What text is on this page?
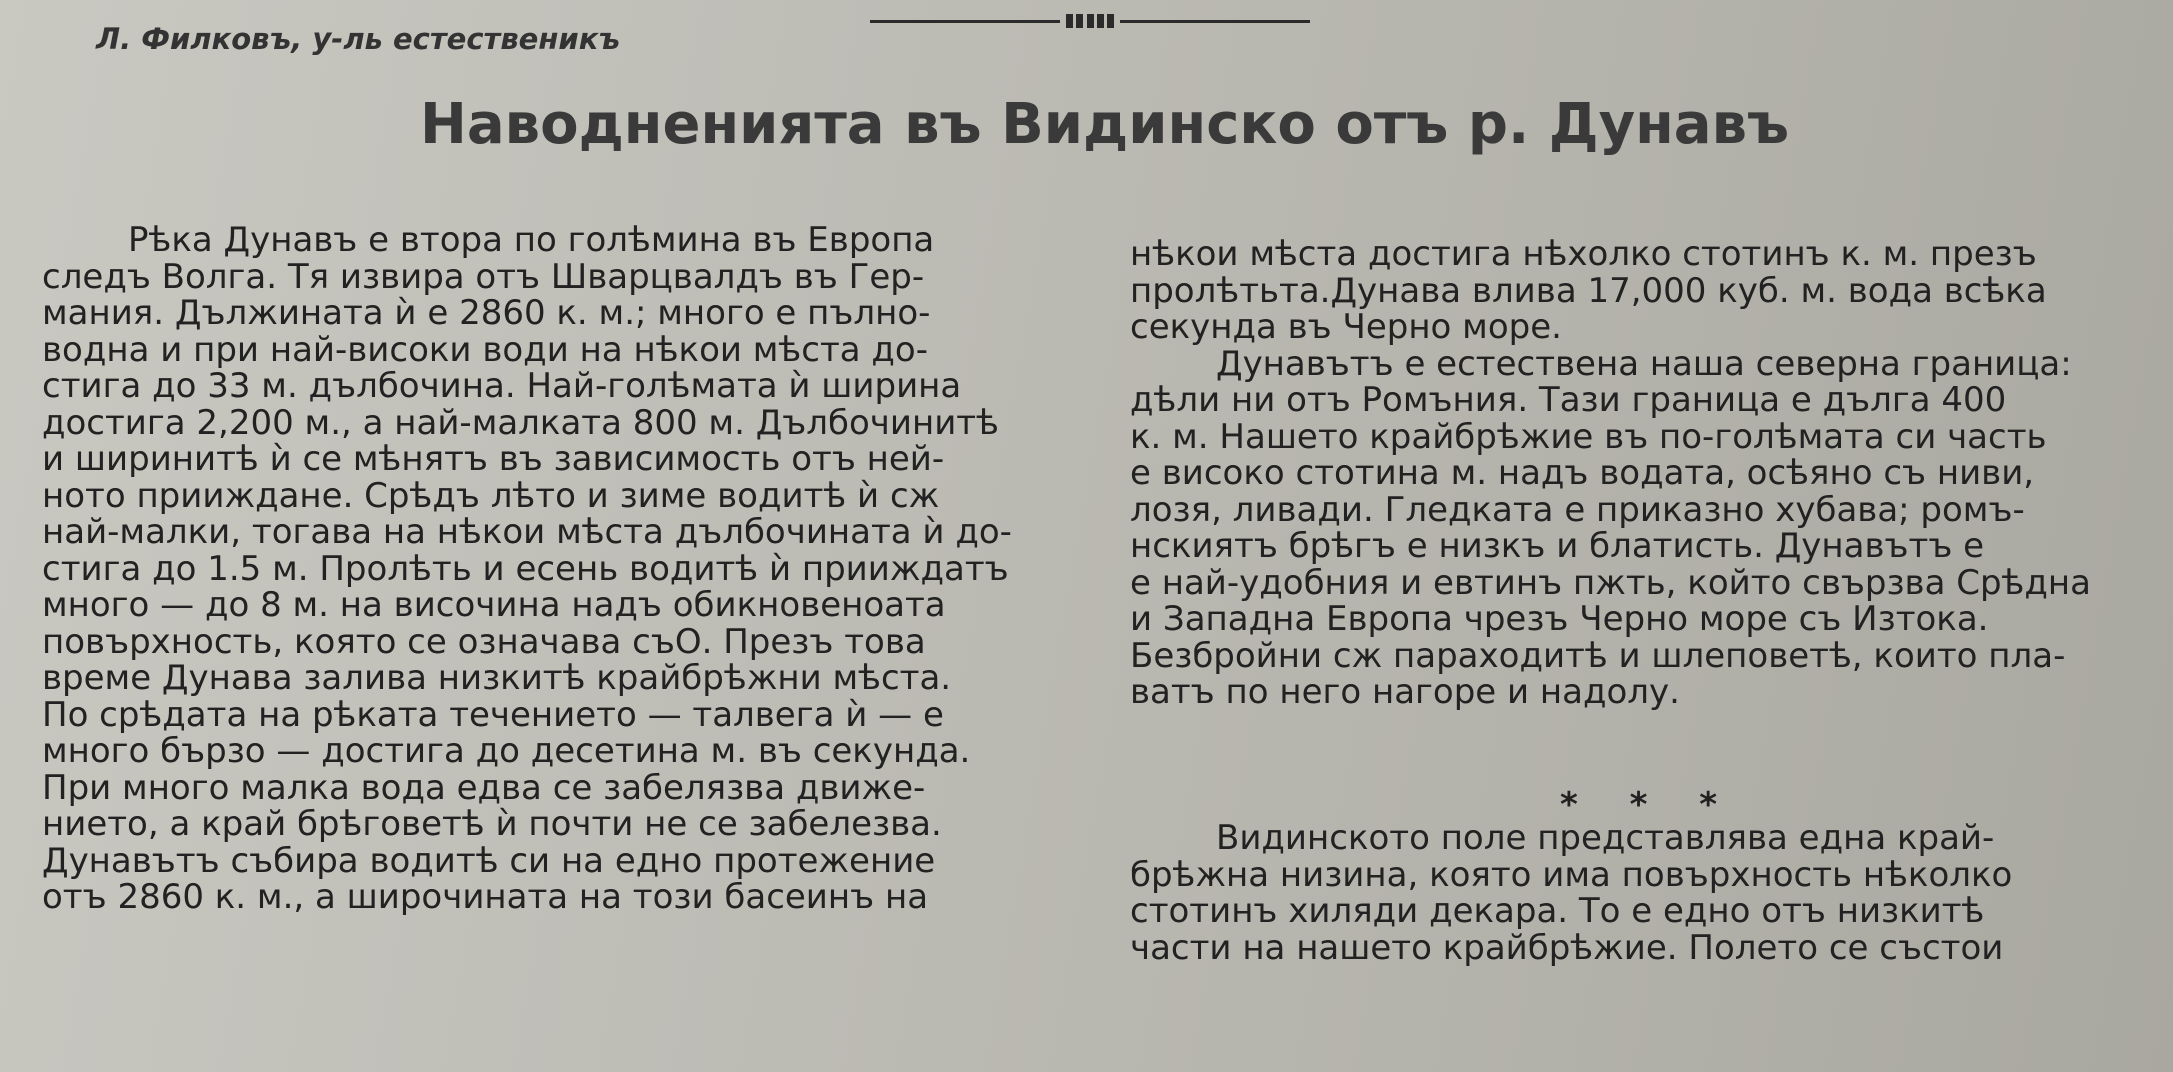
Л. Филковъ, у-ль естественикъ
Наводненията въ Видинско отъ р. Дунавъ
Рѣка Дунавъ е втора по голѣмина въ Европа
следъ Волга. Тя извира отъ Шварцвалдъ въ Гер-
мания. Дължината ѝ е 2860 к. м.; много е пълно-
водна и при най-високи води на нѣкои мѣста до-
стига до 33 м. дълбочина. Най-голѣмата ѝ ширина
достига 2,200 м., а най-малката 800 м. Дълбочинитѣ
и ширинитѣ ѝ се мѣнятъ въ зависимость отъ ней-
ното прииждане. Срѣдъ лѣто и зиме водитѣ ѝ сж
най-малки, тогава на нѣкои мѣста дълбочината ѝ до-
стига до 1.5 м. Пролѣть и есень водитѣ ѝ прииждатъ
много — до 8 м. на височина надъ обикновеноата
повърхность, която се означава съО. Презъ това
време Дунава залива низкитѣ крайбрѣжни мѣста.
По срѣдата на рѣката течението — талвега ѝ — е
много бързо — достига до десетина м. въ секунда.
При много малка вода едва се забелязва движе-
нието, а край брѣговетѣ ѝ почти не се забелезва.
Дунавътъ събира водитѣ си на едно протежение
отъ 2860 к. м., а широчината на този басеинъ на
нѣкои мѣста достига нѣхолко стотинъ к. м. презъ
пролѣтьта.Дунава влива 17,000 куб. м. вода всѣка
секунда въ Черно море.
Дунавътъ е естествена наша северна граница:
дѣли ни отъ Ромъния. Тази граница е дълга 400
к. м. Нашето крайбрѣжие въ по-голѣмата си часть
е високо стотина м. надъ водата, осѣяно съ ниви,
лозя, ливади. Гледката е приказно хубава; ромъ-
нскиятъ брѣгъ е низкъ и блатисть. Дунавътъ е
е най-удобния и евтинъ пжть, който свързва Срѣдна
и Западна Европа чрезъ Черно море съ Изтока.
Безбройни сж параходитѣ и шлеповетѣ, които пла-
ватъ по него нагоре и надолу.
Видинското поле представлява една край-
брѣжна низина, която има повърхность нѣколко
стотинъ хиляди декара. То е едно отъ низкитѣ
части на нашето крайбрѣжие. Полето се състои
* * *
